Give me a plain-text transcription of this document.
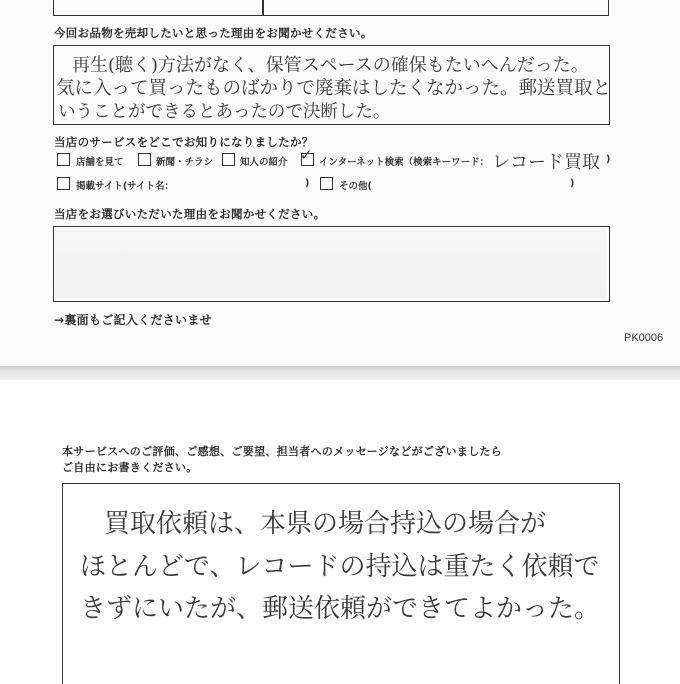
今回お品物を売却したいと思った理由をお聞かせください。
再生(聴く)方法がなく、保管スペースの確保もたいへんだった。
気に入って買ったものばかりで廃棄はしたくなかった。郵送買取と
いうことができるとあったので決断した。
当店のサービスをどこでお知りになりましたか？
店舗を見て	新聞・チラシ	知人の紹介 ✓ インターネット検索（検索キーワード： レコード買取 )
掲載サイト(サイト名：	)	その他(	)
当店をお選びいただいた理由をお聞かせください。
→裏面もご記入くださいませ
PK0006
本サービスへのご評価、ご感想、ご要望、担当者へのメッセージなどがございましたら
ご自由にお書きください。
買取依頼は、本県の場合持込の場合が
ほとんどで、レコードの持込は重たく依頼で
きずにいたが、郵送依頼ができてよかった。
